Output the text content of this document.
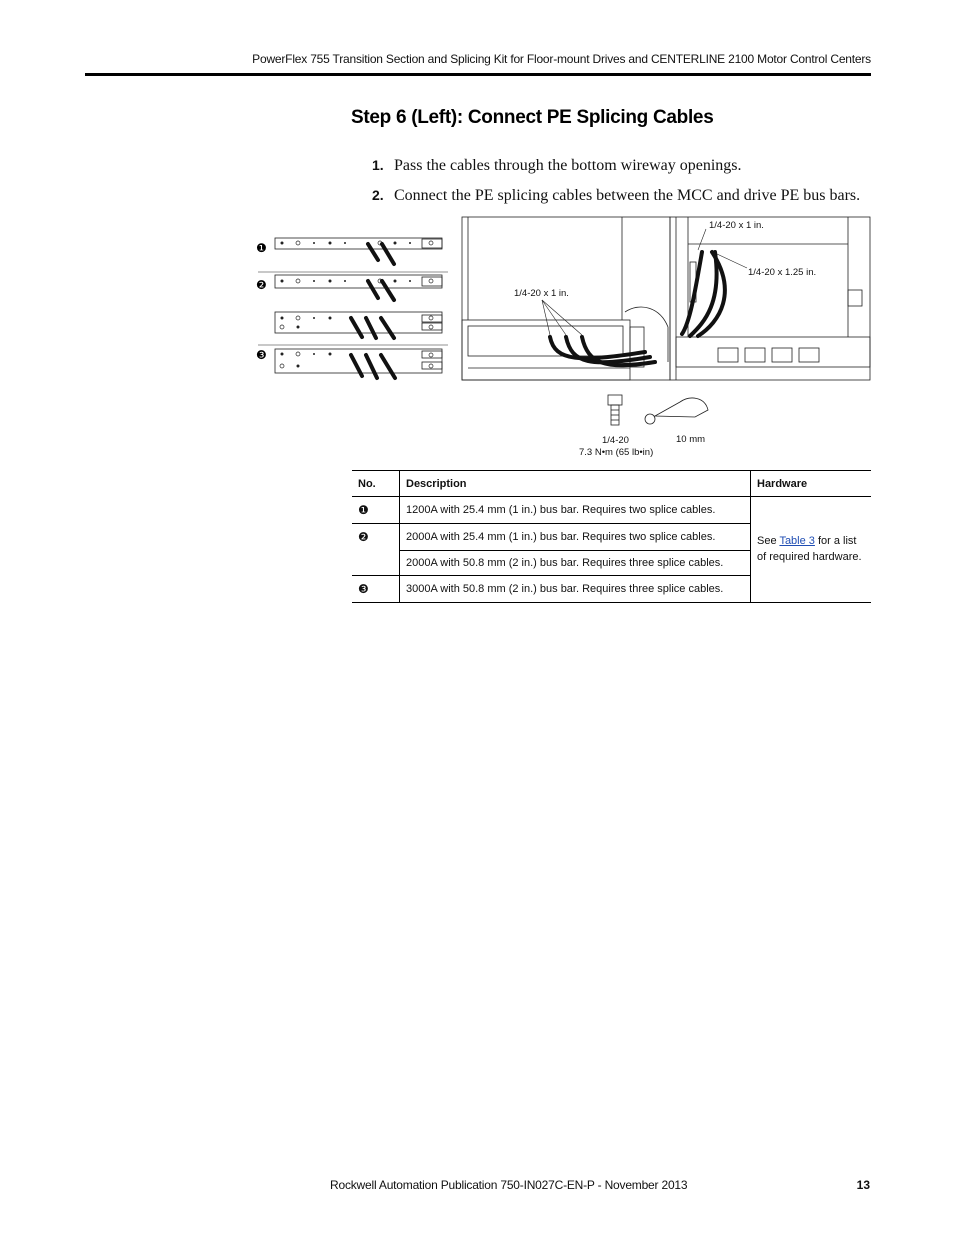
PowerFlex 755 Transition Section and Splicing Kit for Floor-mount Drives and CENTERLINE 2100 Motor Control Centers
Step 6 (Left): Connect PE Splicing Cables
1. Pass the cables through the bottom wireway openings.
2. Connect the PE splicing cables between the MCC and drive PE bus bars.
❶
❷
❸
1/4-20 x 1 in.
1/4-20 x 1 in.
1/4-20 x 1.25 in.
1/4-20
7.3 N•m (65 lb•in)
10 mm
No.	Description	Hardware
❶	1200A with 25.4 mm (1 in.) bus bar. Requires two splice cables.	See Table 3 for a list of required hardware.
❷	2000A with 25.4 mm (1 in.) bus bar. Requires two splice cables.	
	2000A with 50.8 mm (2 in.) bus bar. Requires three splice cables.	
❸	3000A with 50.8 mm (2 in.) bus bar. Requires three splice cables.	
Rockwell Automation Publication 750-IN027C-EN-P - November 2013	13
